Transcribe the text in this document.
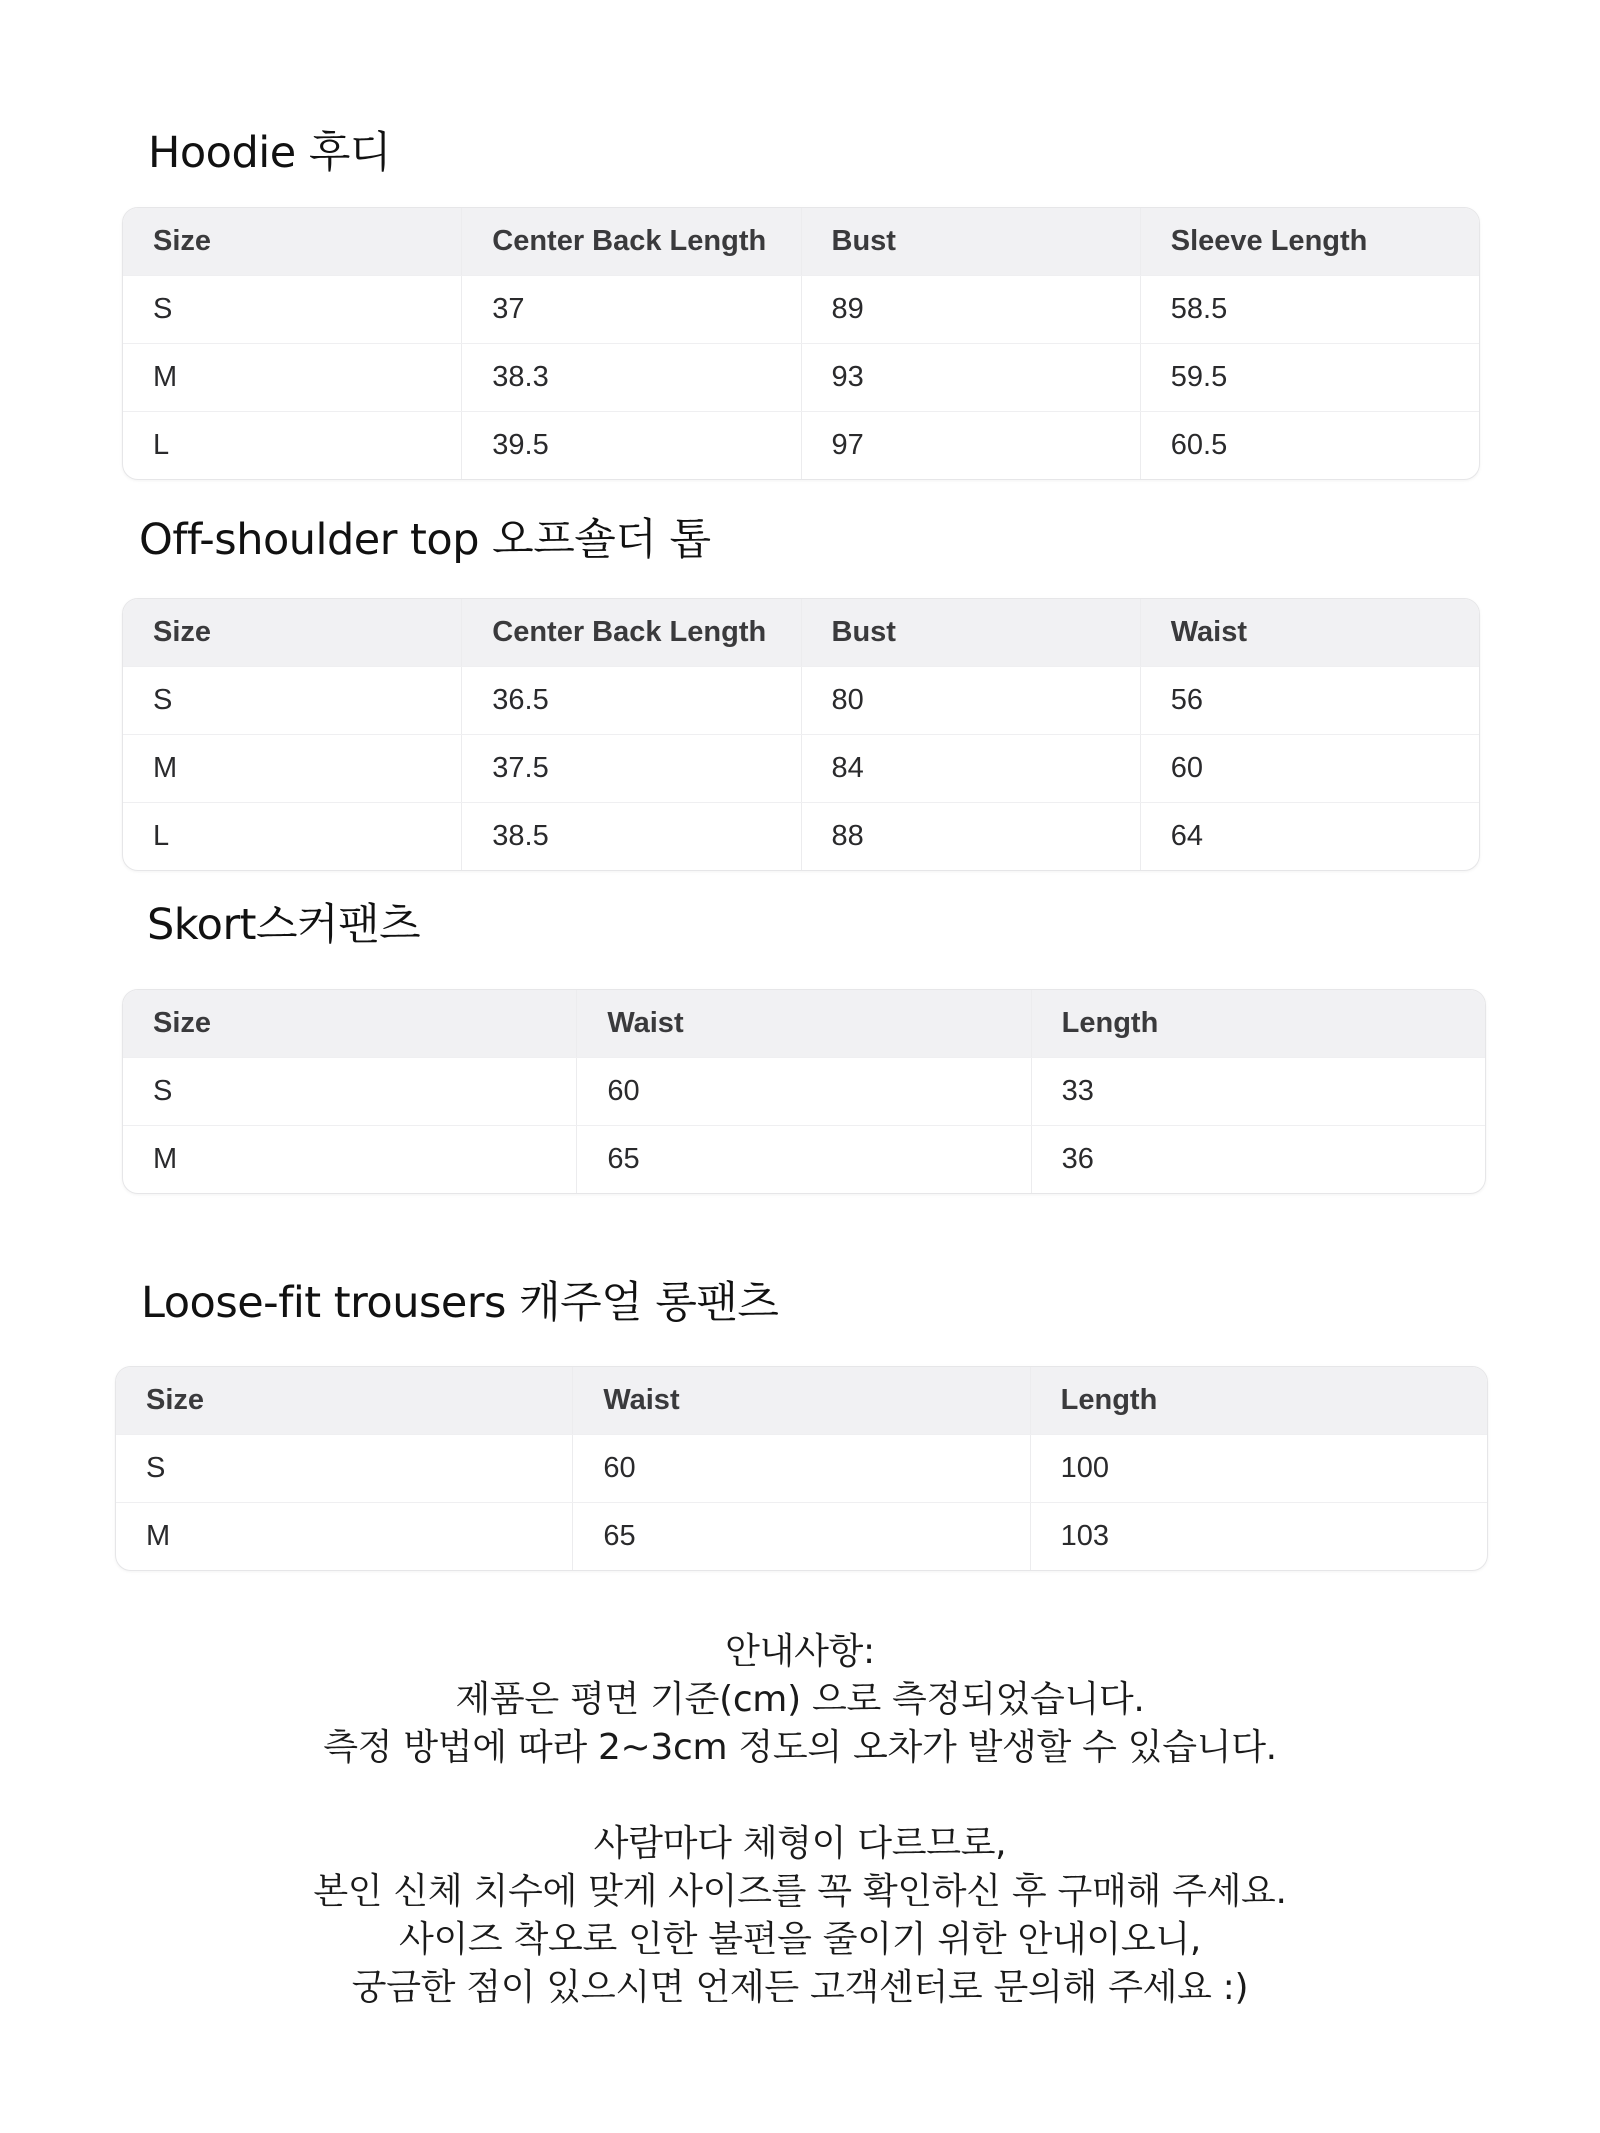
Hoodie 후디
Size	Center Back Length	Bust	Sleeve Length
S	37	89	58.5
M	38.3	93	59.5
L	39.5	97	60.5
Off-shoulder top 오프숄더 톱
Size	Center Back Length	Bust	Waist
S	36.5	80	56
M	37.5	84	60
L	38.5	88	64
Skort스커팬츠
Size	Waist	Length
S	60	33
M	65	36
Loose-fit trousers 캐주얼 롱팬츠
Size	Waist	Length
S	60	100
M	65	103

안내사항:

제품은 평면 기준(cm) 으로 측정되었습니다.

측정 방법에 따라 2~3cm 정도의 오차가 발생할 수 있습니다.

사람마다 체형이 다르므로,

본인 신체 치수에 맞게 사이즈를 꼭 확인하신 후 구매해 주세요.

사이즈 착오로 인한 불편을 줄이기 위한 안내이오니,

궁금한 점이 있으시면 언제든 고객센터로 문의해 주세요 :)
